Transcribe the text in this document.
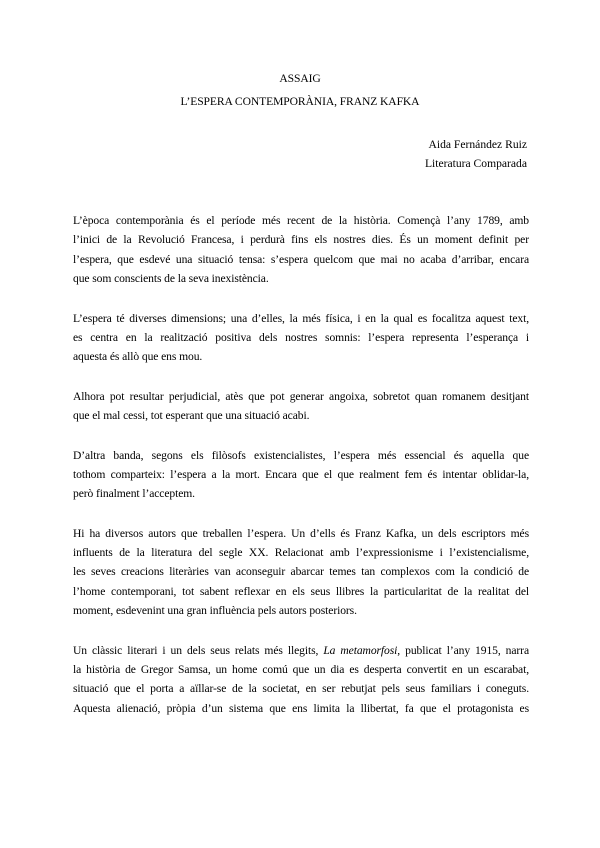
ASSAIG
L’ESPERA CONTEMPORÀNIA, FRANZ KAFKA
Aida Fernández Ruiz
Literatura Comparada

L’època contemporània és el període més recent de la història. Començà l’any 1789, amb
l’inici de la Revolució Francesa, i perdurà fins els nostres dies. És un moment definit per
l’espera, que esdevé una situació tensa: s’espera quelcom que mai no acaba d’arribar, encara
que som conscients de la seva inexistència.

L’espera té diverses dimensions; una d’elles, la més física, i en la qual es focalitza aquest text,
es centra en la realització positiva dels nostres somnis: l’espera representa l’esperança i
aquesta és allò que ens mou.

Alhora pot resultar perjudicial, atès que pot generar angoixa, sobretot quan romanem desitjant
que el mal cessi, tot esperant que una situació acabi.

D’altra banda, segons els filòsofs existencialistes, l’espera més essencial és aquella que
tothom comparteix: l’espera a la mort. Encara que el que realment fem és intentar oblidar-la,
però finalment l’acceptem.

Hi ha diversos autors que treballen l’espera. Un d’ells és Franz Kafka, un dels escriptors més
influents de la literatura del segle XX. Relacionat amb l’expressionisme i l’existencialisme,
les seves creacions literàries van aconseguir abarcar temes tan complexos com la condició de
l’home contemporani, tot sabent reflexar en els seus llibres la particularitat de la realitat del
moment, esdevenint una gran influència pels autors posteriors.

Un clàssic literari i un dels seus relats més llegits, La metamorfosi, publicat l’any 1915, narra
la història de Gregor Samsa, un home comú que un dia es desperta convertit en un escarabat,
situació que el porta a aïllar-se de la societat, en ser rebutjat pels seus familiars i coneguts.
Aquesta alienació, pròpia d’un sistema que ens limita la llibertat, fa que el protagonista es
